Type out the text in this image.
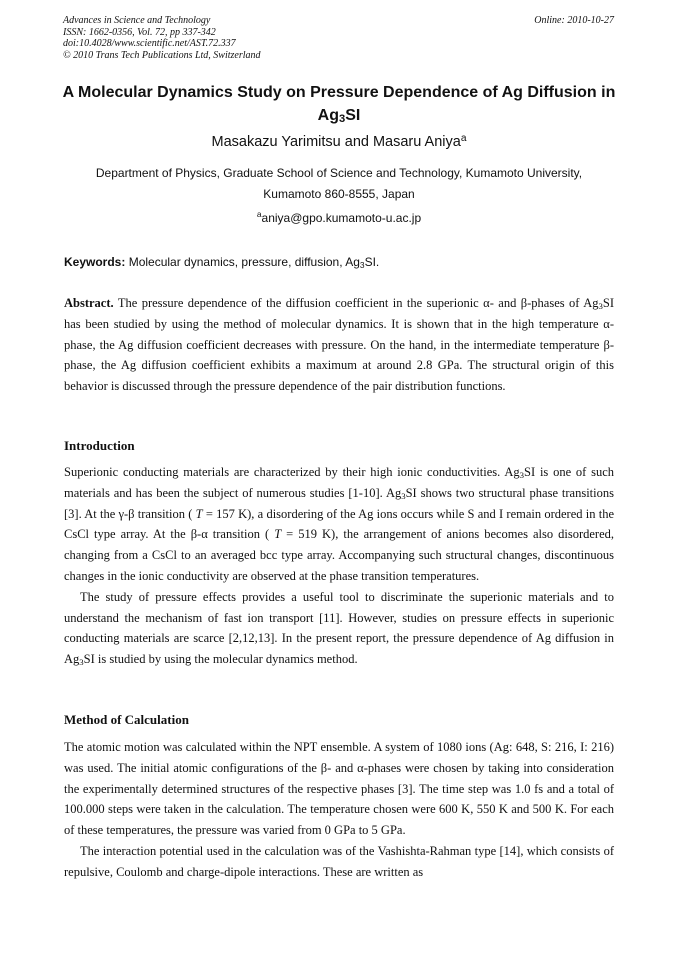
Advances in Science and Technology
ISSN: 1662-0356, Vol. 72, pp 337-342
doi:10.4028/www.scientific.net/AST.72.337
© 2010 Trans Tech Publications Ltd, Switzerland
Online: 2010-10-27
A Molecular Dynamics Study on Pressure Dependence of Ag Diffusion in $Ag_3SI$
Masakazu Yarimitsu and Masaru Aniya$^a$
Department of Physics, Graduate School of Science and Technology, Kumamoto University, Kumamoto 860-8555, Japan
$^a$aniya@gpo.kumamoto-u.ac.jp
Keywords: Molecular dynamics, pressure, diffusion, $Ag_3SI$.

Abstract. The pressure dependence of the diffusion coefficient in the superionic α- and β-phases of $Ag_3SI$ has been studied by using the method of molecular dynamics. It is shown that in the high temperature α-phase, the Ag diffusion coefficient decreases with pressure. On the hand, in the intermediate temperature β-phase, the Ag diffusion coefficient exhibits a maximum at around 2.8 GPa. The structural origin of this behavior is discussed through the pressure dependence of the pair distribution functions.

Introduction

Superionic conducting materials are characterized by their high ionic conductivities. $Ag_3SI$ is one of such materials and has been the subject of numerous studies [1-10]. $Ag_3SI$ shows two structural phase transitions [3]. At the γ-β transition ( T = 157 K), a disordering of the Ag ions occurs while S and I remain ordered in the CsCl type array. At the β-α transition ( T = 519 K), the arrangement of anions becomes also disordered, changing from a CsCl to an averaged bcc type array. Accompanying such structural changes, discontinuous changes in the ionic conductivity are observed at the phase transition temperatures.

The study of pressure effects provides a useful tool to discriminate the superionic materials and to understand the mechanism of fast ion transport [11]. However, studies on pressure effects in superionic conducting materials are scarce [2,12,13]. In the present report, the pressure dependence of Ag diffusion in $Ag_3SI$ is studied by using the molecular dynamics method.

Method of Calculation

The atomic motion was calculated within the NPT ensemble. A system of 1080 ions (Ag: 648, S: 216, I: 216) was used. The initial atomic configurations of the β- and α-phases were chosen by taking into consideration the experimentally determined structures of the respective phases [3]. The time step was 1.0 fs and a total of 100.000 steps were taken in the calculation. The temperature chosen were 600 K, 550 K and 500 K. For each of these temperatures, the pressure was varied from 0 GPa to 5 GPa.

The interaction potential used in the calculation was of the Vashishta-Rahman type [14], which consists of repulsive, Coulomb and charge-dipole interactions. These are written as
